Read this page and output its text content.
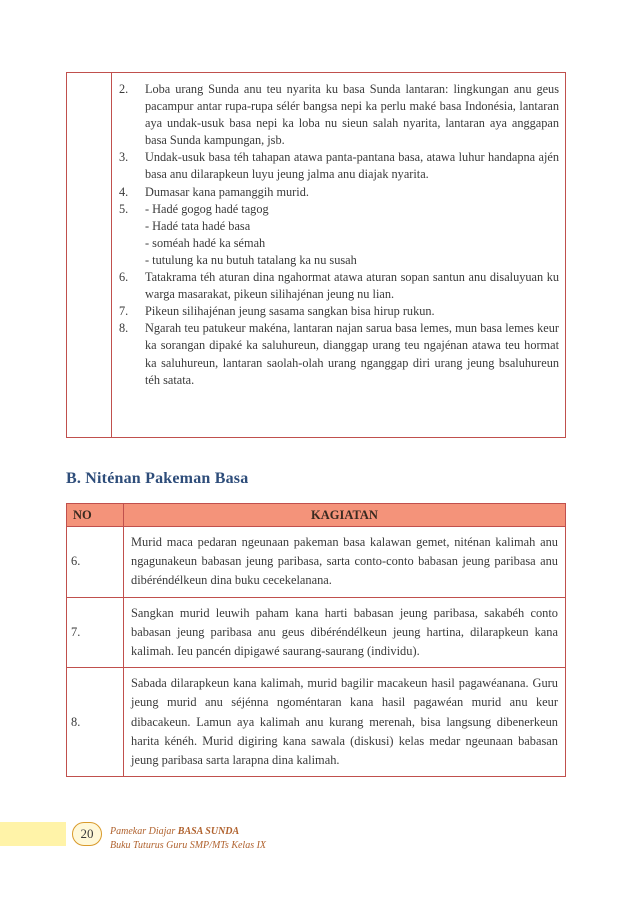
2. Loba urang Sunda anu teu nyarita ku basa Sunda lantaran: lingkungan anu geus pacampur antar rupa-rupa sélér bangsa nepi ka perlu maké basa Indonésia, lantaran aya undak-usuk basa nepi ka loba nu sieun salah nyarita, lantaran aya anggapan basa Sunda kampungan, jsb.
3. Undak-usuk basa téh tahapan atawa panta-pantana basa, atawa luhur handapna ajén basa anu dilarapkeun luyu jeung jalma anu diajak nyarita.
4. Dumasar kana pamanggih murid.
5. - Hadé gogog hadé tagog
- Hadé tata hadé basa
- soméah hadé ka sémah
- tutulung ka nu butuh tatalang ka nu susah
6. Tatakrama téh aturan dina ngahormat atawa aturan sopan santun anu disaluyuan ku warga masarakat, pikeun silihajénan jeung nu lian.
7. Pikeun silihajénan jeung sasama sangkan bisa hirup rukun.
8. Ngarah teu patukeur makéna, lantaran najan sarua basa lemes, mun basa lemes keur ka sorangan dipaké ka saluhureun, dianggap urang teu ngajénan atawa teu hormat ka saluhureun, lantaran saolah-olah urang nganggap diri urang jeung bsaluhureun téh satata.
B. Niténan Pakeman Basa
NO	KAGIATAN
6.	Murid maca pedaran ngeunaan pakeman basa kalawan gemet, niténan kalimah anu ngagunakeun babasan jeung paribasa, sarta conto-conto babasan jeung paribasa anu dibéréndélkeun dina buku cecekelanana.
7.	Sangkan murid leuwih paham kana harti babasan jeung paribasa, sakabéh conto babasan jeung paribasa anu geus dibéréndélkeun jeung hartina, dilarapkeun kana kalimah. Ieu pancén dipigawé saurang-saurang (individu).
8.	Sabada dilarapkeun kana kalimah, murid bagilir macakeun hasil pagawéanana. Guru jeung murid anu séjénna ngoméntaran kana hasil pagawéan murid anu keur dibacakeun. Lamun aya kalimah anu kurang merenah, bisa langsung dibenerkeun harita kénéh. Murid digiring kana sawala (diskusi) kelas medar ngeunaan babasan jeung paribasa sarta larapna dina kalimah.
20	Pamekar Diajar BASA SUNDA
Buku Tuturus Guru SMP/MTs Kelas IX
